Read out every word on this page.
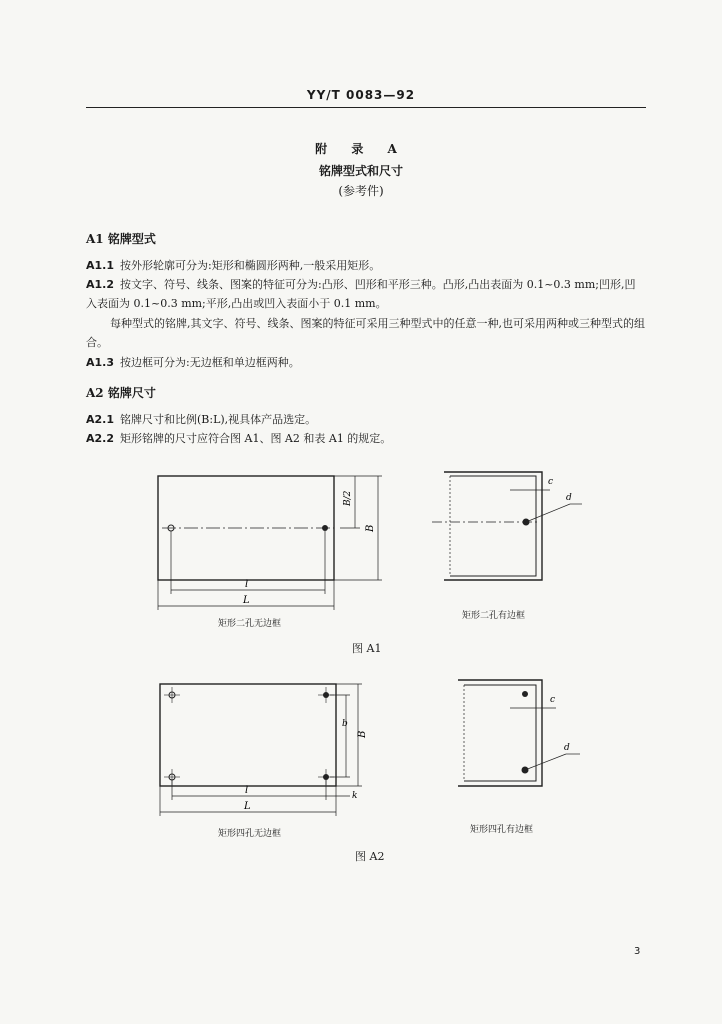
YY/T 0083—92
附 录 A
铭牌型式和尺寸
(参考件)
A1 铭牌型式

A1.1 按外形轮廓可分为:矩形和椭圆形两种,一般采用矩形。

A1.2 按文字、符号、线条、图案的特征可分为:凸形、凹形和平形三种。凸形,凸出表面为 0.1~0.3 mm;凹形,凹入表面为 0.1~0.3 mm;平形,凸出或凹入表面小于 0.1 mm。

每种型式的铭牌,其文字、符号、线条、图案的特征可采用三种型式中的任意一种,也可采用两种或三种型式的组合。

A1.3 按边框可分为:无边框和单边框两种。

A2 铭牌尺寸

A2.1 铭牌尺寸和比例(B:L),视具体产品选定。

A2.2 矩形铭牌的尺寸应符合图 A1、图 A2 和表 A1 的规定。

B/2
B
l
L
矩形二孔无边框
c
d
矩形二孔有边框
图 A1
b
B
l
L
k
矩形四孔无边框
c
d
矩形四孔有边框
图 A2
3
